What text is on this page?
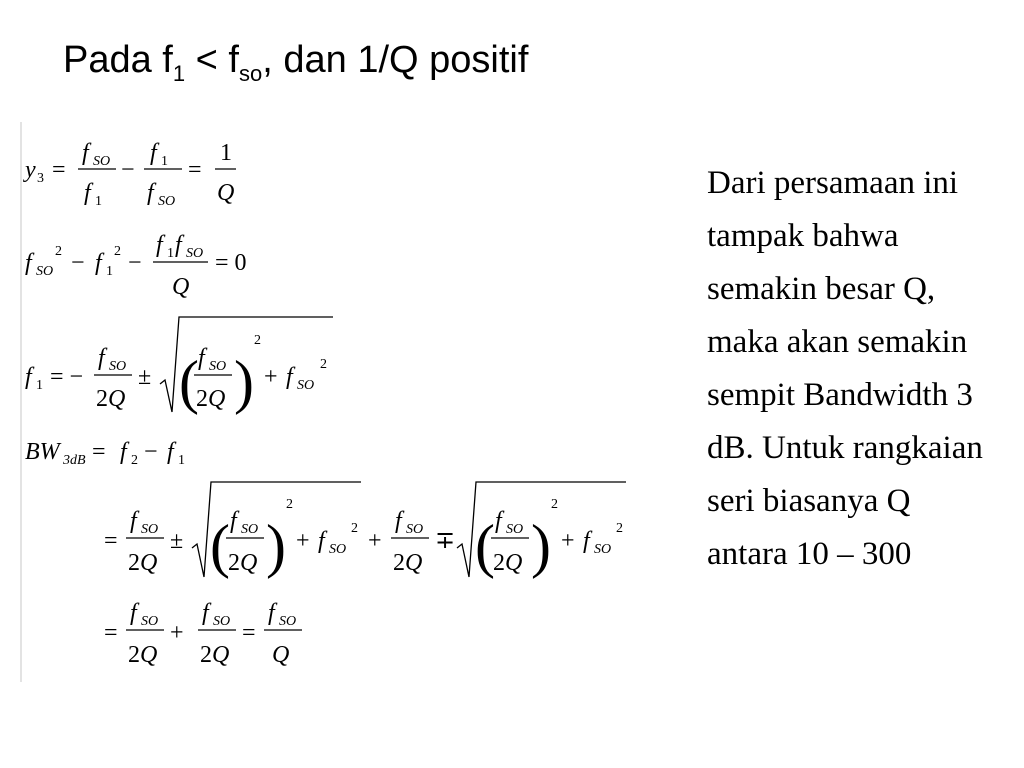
Pada $f_1 < f_{so}$, dan 1/Q positif
y 3 =
f SO
f 1
−
f 1
f SO
=
1
Q
f SO
2 − f 1
2 −
f 1 f SO
Q
= 0
f 1 = −
f SO
2Q
± ( f SO
2Q )
2
+ f SO
2
BW 3dB = f 2 − f 1
=
f SO
2Q
± ( f SO
2Q )
2
+ f SO
2 +
f SO
2Q
∓ ( f SO
2Q )
2
+ f SO
2
=
f SO
2Q
+
f SO
2Q
=
f SO
Q
Dari persamaan ini
tampak bahwa
semakin besar Q,
maka akan semakin
sempit Bandwidth 3
dB. Untuk rangkaian
seri biasanya Q
antara 10 – 300
